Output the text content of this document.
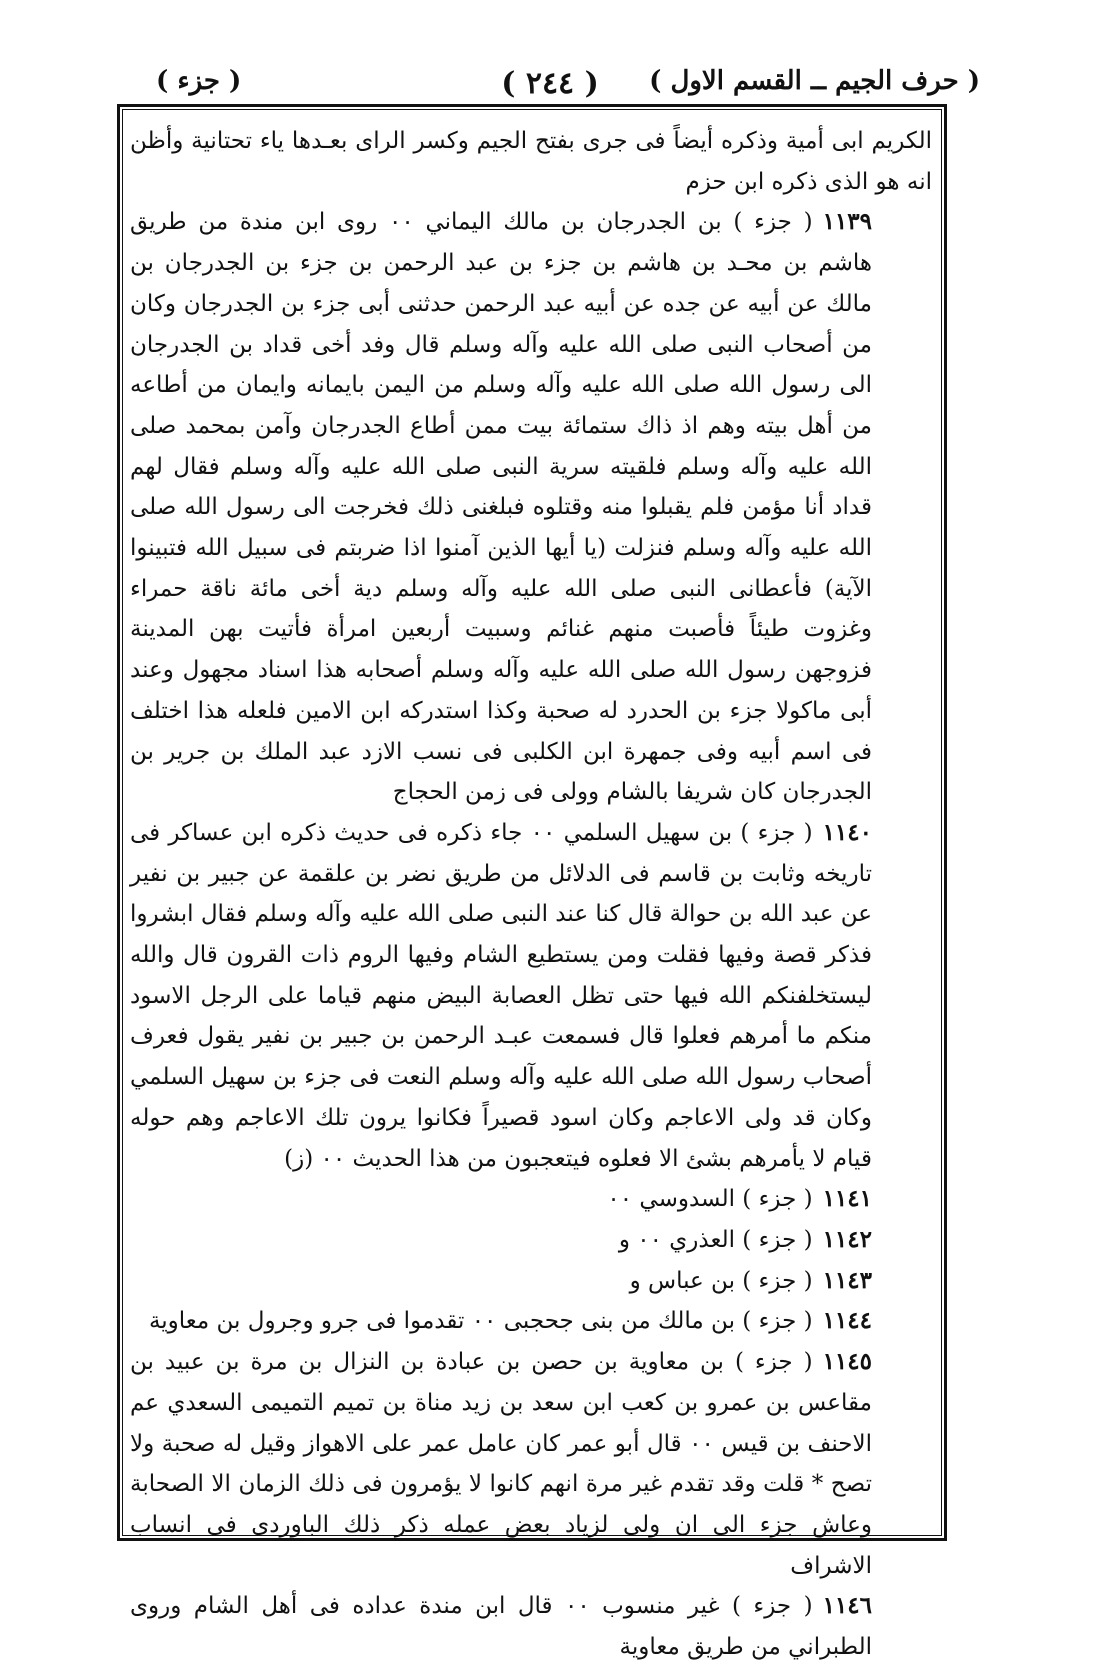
( حرف الجيم ــ القسم الاول )
( ٢٤٤ )
( جزء )

الكريم ابى أمية وذكره أيضاً فى جرى بفتح الجيم وكسر الراى بعـدها ياء تحتانية وأظن انه هو الذى ذكره ابن حزم

١١٣٩( جزء ) بن الجدرجان بن مالك اليماني ٠٠ روى ابن مندة من طريق هاشم بن محـد بن هاشم بن جزء بن عبد الرحمن بن جزء بن الجدرجان بن مالك عن أبيه عن جده عن أبيه عبد الرحمن حدثنى أبى جزء بن الجدرجان وكان من أصحاب النبى صلى الله عليه وآله وسلم قال وفد أخى قداد بن الجدرجان الى رسول الله صلى الله عليه وآله وسلم من اليمن بايمانه وايمان من أطاعه من أهل بيته وهم اذ ذاك ستمائة بيت ممن أطاع الجدرجان وآمن بمحمد صلى الله عليه وآله وسلم فلقيته سرية النبى صلى الله عليه وآله وسلم فقال لهم قداد أنا مؤمن فلم يقبلوا منه وقتلوه فبلغنى ذلك فخرجت الى رسول الله صلى الله عليه وآله وسلم فنزلت (يا أيها الذين آمنوا اذا ضربتم فى سبيل الله فتبينوا الآية) فأعطانى النبى صلى الله عليه وآله وسلم دية أخى مائة ناقة حمراء وغزوت طيئاً فأصبت منهم غنائم وسبيت أربعين امرأة فأتيت بهن المدينة فزوجهن رسول الله صلى الله عليه وآله وسلم أصحابه هذا اسناد مجهول وعند أبى ماكولا جزء بن الحدرد له صحبة وكذا استدركه ابن الامين فلعله هذا اختلف فى اسم أبيه وفى جمهرة ابن الكلبى فى نسب الازد عبد الملك بن جرير بن الجدرجان كان شريفا بالشام وولى فى زمن الحجاج

١١٤٠( جزء ) بن سهيل السلمي ٠٠ جاء ذكره فى حديث ذكره ابن عساكر فى تاريخه وثابت بن قاسم فى الدلائل من طريق نضر بن علقمة عن جبير بن نفير عن عبد الله بن حوالة قال كنا عند النبى صلى الله عليه وآله وسلم فقال ابشروا فذكر قصة وفيها فقلت ومن يستطيع الشام وفيها الروم ذات القرون قال والله ليستخلفنكم الله فيها حتى تظل العصابة البيض منهم قياما على الرجل الاسود منكم ما أمرهم فعلوا قال فسمعت عبـد الرحمن بن جبير بن نفير يقول فعرف أصحاب رسول الله صلى الله عليه وآله وسلم النعت فى جزء بن سهيل السلمي وكان قد ولى الاعاجم وكان اسود قصيراً فكانوا يرون تلك الاعاجم وهم حوله قيام لا يأمرهم بشئ الا فعلوه فيتعجبون من هذا الحديث ٠٠ (ز)

١١٤١( جزء ) السدوسي ٠٠

١١٤٢( جزء ) العذري ٠٠ و

١١٤٣( جزء ) بن عباس و

١١٤٤( جزء ) بن مالك من بنى جحجبى ٠٠ تقدموا فى جرو وجرول بن معاوية

١١٤٥( جزء ) بن معاوية بن حصن بن عبادة بن النزال بن مرة بن عبيد بن مقاعس بن عمرو بن كعب ابن سعد بن زيد مناة بن تميم التميمى السعدي عم الاحنف بن قيس ٠٠ قال أبو عمر كان عامل عمر على الاهواز وقيل له صحبة ولا تصح * قلت وقد تقدم غير مرة انهم كانوا لا يؤمرون فى ذلك الزمان الا الصحابة وعاش جزء الى ان ولى لزياد بعض عمله ذكر ذلك الباوردى فى انساب الاشراف

١١٤٦( جزء ) غير منسوب ٠٠ قال ابن مندة عداده فى أهل الشام وروى الطبراني من طريق معاوية
